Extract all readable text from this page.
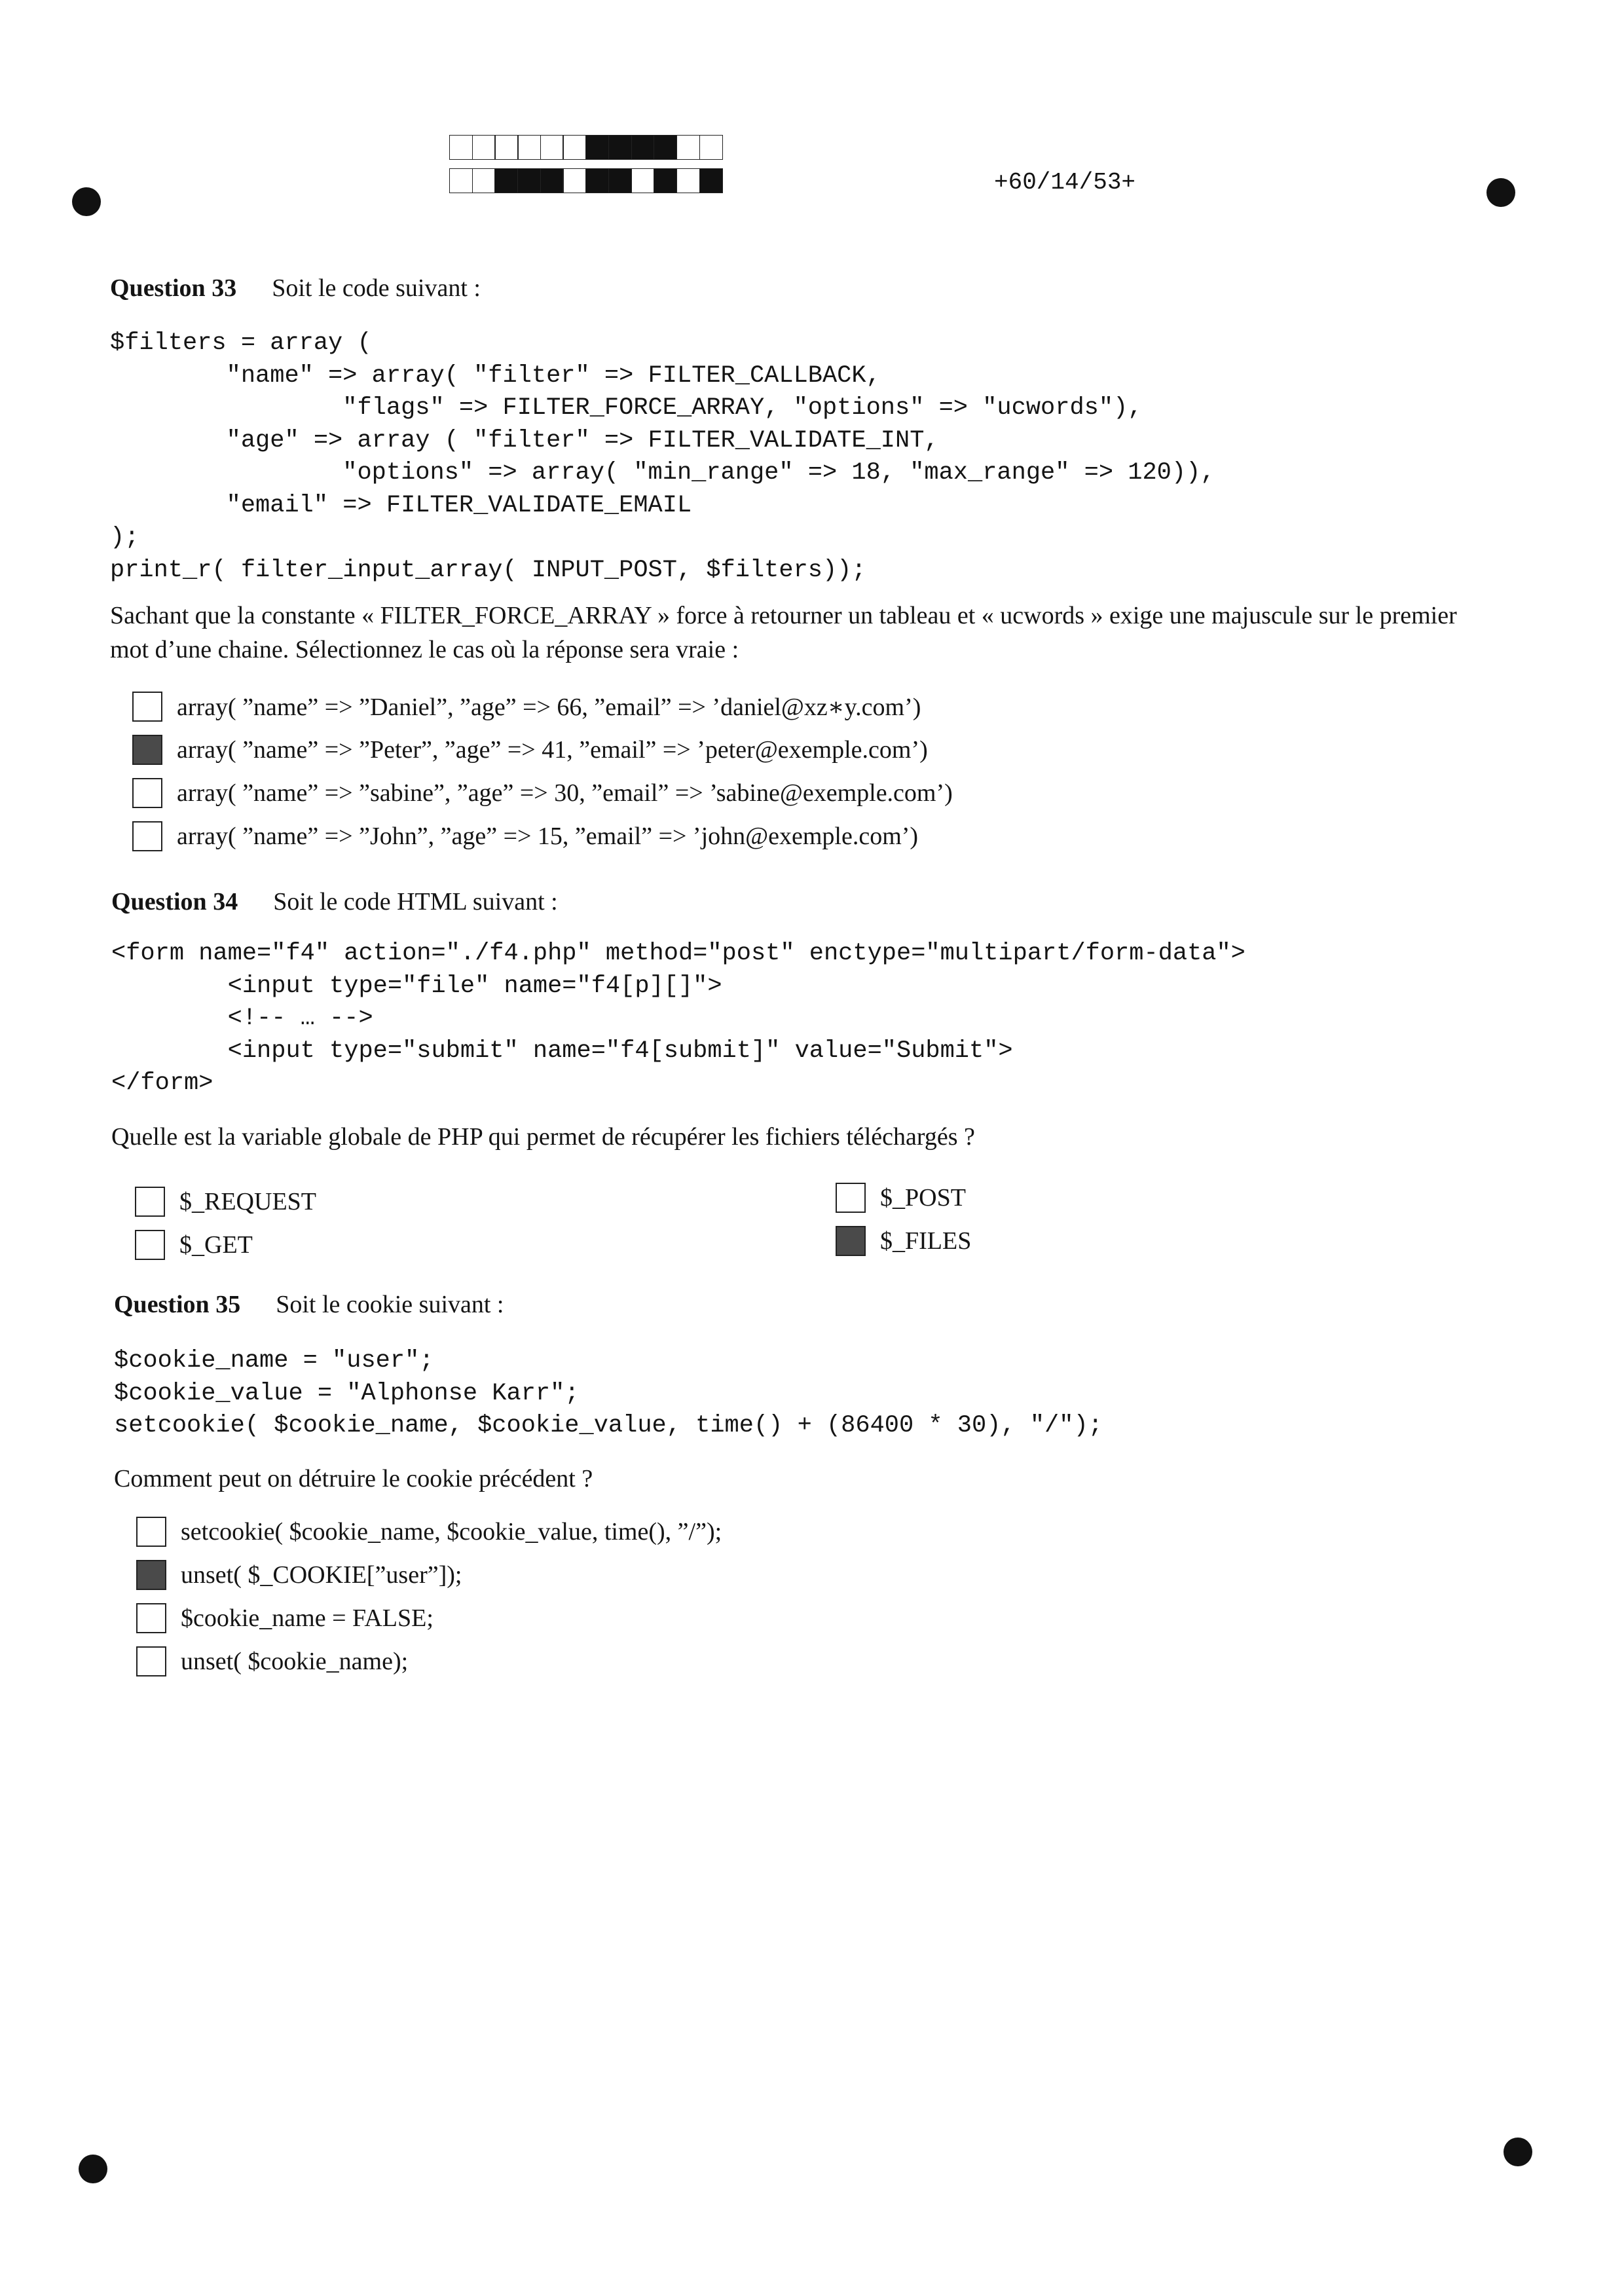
+60/14/53+
Question 33 Soit le code suivant :
$filters = array (
"name" => array( "filter" => FILTER_CALLBACK,
"flags" => FILTER_FORCE_ARRAY, "options" => "ucwords"),
"age" => array ( "filter" => FILTER_VALIDATE_INT,
"options" => array( "min_range" => 18, "max_range" => 120)),
"email" => FILTER_VALIDATE_EMAIL
);
print_r( filter_input_array( INPUT_POST, $filters));
Sachant que la constante « FILTER_FORCE_ARRAY » force à retourner un tableau et « ucwords » exige une majuscule sur le premier mot d’une chaine. Sélectionnez le cas où la réponse sera vraie :
array( ”name” => ”Daniel”, ”age” => 66, ”email” => ’daniel@xz∗y.com’)
array( ”name” => ”Peter”, ”age” => 41, ”email” => ’peter@exemple.com’)
array( ”name” => ”sabine”, ”age” => 30, ”email” => ’sabine@exemple.com’)
array( ”name” => ”John”, ”age” => 15, ”email” => ’john@exemple.com’)
Question 34 Soit le code HTML suivant :
<form name="f4" action="./f4.php" method="post" enctype="multipart/form-data">
<input type="file" name="f4[p][]">
<!-- … -->
<input type="submit" name="f4[submit]" value="Submit">
</form>
Quelle est la variable globale de PHP qui permet de récupérer les fichiers téléchargés ?
$_REQUEST
$_GET
$_POST
$_FILES
Question 35 Soit le cookie suivant :
$cookie_name = "user";
$cookie_value = "Alphonse Karr";
setcookie( $cookie_name, $cookie_value, time() + (86400 * 30), "/");
Comment peut on détruire le cookie précédent ?
setcookie( $cookie_name, $cookie_value, time(), ”/”);
unset( $_COOKIE[”user”]);
$cookie_name = FALSE;
unset( $cookie_name);
